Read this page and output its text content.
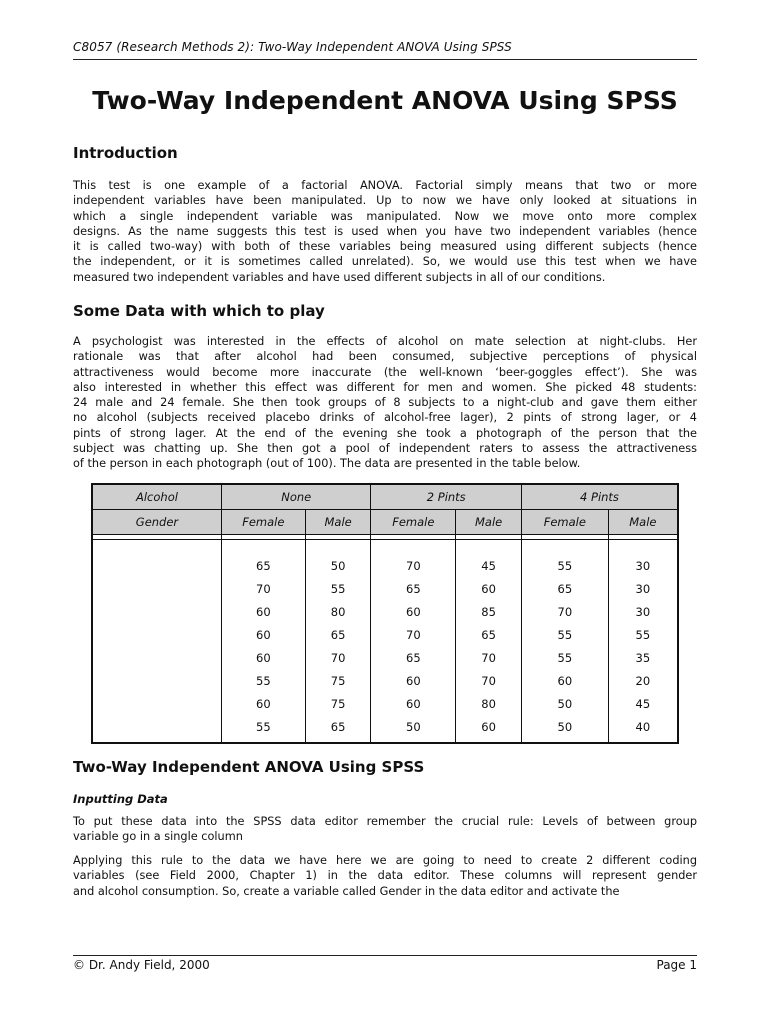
C8057 (Research Methods 2): Two-Way Independent ANOVA Using SPSS
Two-Way Independent ANOVA Using SPSS
Introduction

This test is one example of a factorial ANOVA. Factorial simply means that two or more
independent variables have been manipulated. Up to now we have only looked at situations in
which a single independent variable was manipulated. Now we move onto more complex
designs. As the name suggests this test is used when you have two independent variables (hence
it is called two-way) with both of these variables being measured using different subjects (hence
the independent, or it is sometimes called unrelated). So, we would use this test when we have
measured two independent variables and have used different subjects in all of our conditions.

Some Data with which to play

A psychologist was interested in the effects of alcohol on mate selection at night-clubs. Her
rationale was that after alcohol had been consumed, subjective perceptions of physical
attractiveness would become more inaccurate (the well-known ‘beer-goggles effect’). She was
also interested in whether this effect was different for men and women. She picked 48 students:
24 male and 24 female. She then took groups of 8 subjects to a night-club and gave them either
no alcohol (subjects received placebo drinks of alcohol-free lager), 2 pints of strong lager, or 4
pints of strong lager. At the end of the evening she took a photograph of the person that the
subject was chatting up. She then got a pool of independent raters to assess the attractiveness
of the person in each photograph (out of 100). The data are presented in the table below.

Alcohol	None		2 Pints		4 Pints	
Gender	Female	Male	Female	Male	Female	Male

	65	50	70	45	55	30
	70	55	65	60	65	30
	60	80	60	85	70	30
	60	65	70	65	55	55
	60	70	65	70	55	35
	55	75	60	70	60	20
	60	75	60	80	50	45
	55	65	50	60	50	40

Two-Way Independent ANOVA Using SPSS
Inputting Data

To put these data into the SPSS data editor remember the crucial rule: Levels of between group
variable go in a single column

Applying this rule to the data we have here we are going to need to create 2 different coding
variables (see Field 2000, Chapter 1) in the data editor. These columns will represent gender
and alcohol consumption. So, create a variable called Gender in the data editor and activate the

© Dr. Andy Field, 2000	Page 1
